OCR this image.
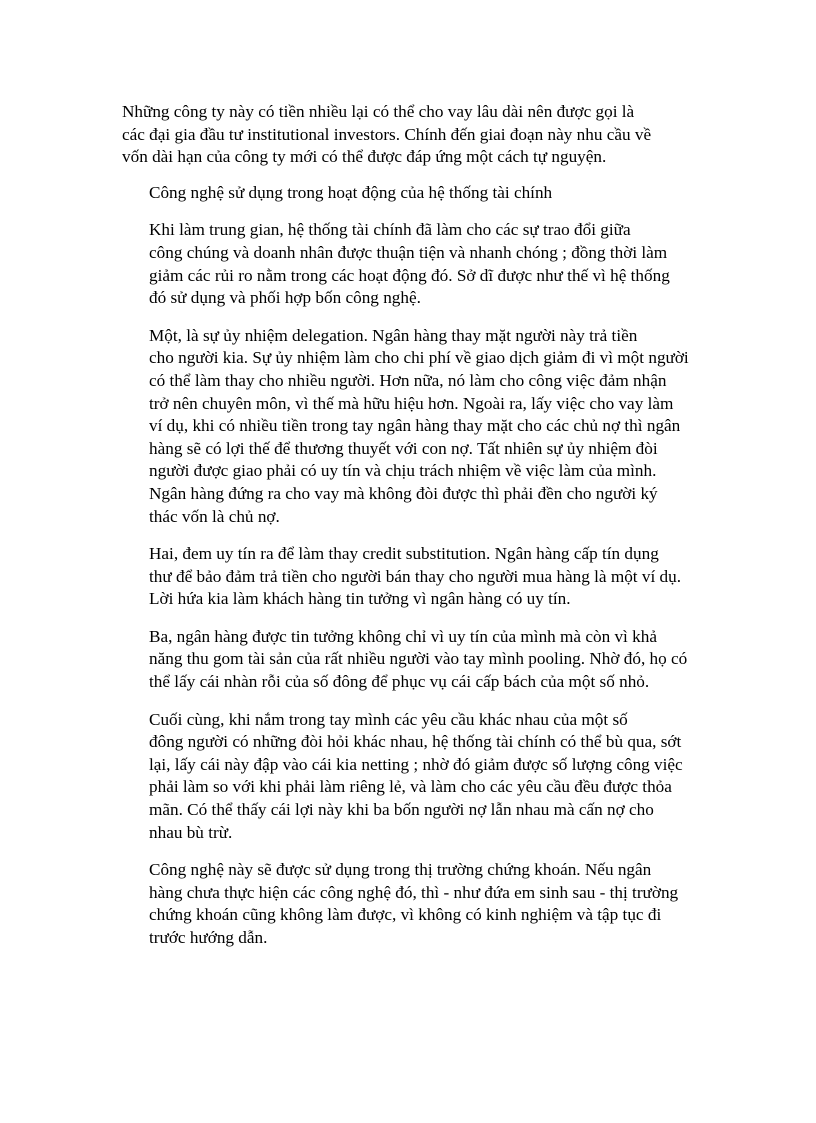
Những công ty này có tiền nhiều lại có thể cho vay lâu dài nên được gọi là
các đại gia đầu tư institutional investors. Chính đến giai đoạn này nhu cầu về
vốn dài hạn của công ty mới có thể được đáp ứng một cách tự nguyện.

Công nghệ sử dụng trong hoạt động của hệ thống tài chính

Khi làm trung gian, hệ thống tài chính đã làm cho các sự trao đổi giữa
công chúng và doanh nhân được thuận tiện và nhanh chóng ; đồng thời làm
giảm các rủi ro nằm trong các hoạt động đó. Sở dĩ được như thế vì hệ thống
đó sử dụng và phối hợp bốn công nghệ.

Một, là sự ủy nhiệm delegation. Ngân hàng thay mặt người này trả tiền
cho người kia. Sự ủy nhiệm làm cho chi phí về giao dịch giảm đi vì một người
có thể làm thay cho nhiều người. Hơn nữa, nó làm cho công việc đảm nhận
trở nên chuyên môn, vì thế mà hữu hiệu hơn. Ngoài ra, lấy việc cho vay làm
ví dụ, khi có nhiều tiền trong tay ngân hàng thay mặt cho các chủ nợ thì ngân
hàng sẽ có lợi thế để thương thuyết với con nợ. Tất nhiên sự ủy nhiệm đòi
người được giao phải có uy tín và chịu trách nhiệm về việc làm của mình.
Ngân hàng đứng ra cho vay mà không đòi được thì phải đền cho người ký
thác vốn là chủ nợ.

Hai, đem uy tín ra để làm thay credit substitution. Ngân hàng cấp tín dụng
thư để bảo đảm trả tiền cho người bán thay cho người mua hàng là một ví dụ.
Lời hứa kia làm khách hàng tin tưởng vì ngân hàng có uy tín.

Ba, ngân hàng được tin tưởng không chỉ vì uy tín của mình mà còn vì khả
năng thu gom tài sản của rất nhiều người vào tay mình pooling. Nhờ đó, họ có
thể lấy cái nhàn rỗi của số đông để phục vụ cái cấp bách của một số nhỏ.

Cuối cùng, khi nắm trong tay mình các yêu cầu khác nhau của một số
đông người có những đòi hỏi khác nhau, hệ thống tài chính có thể bù qua, sớt
lại, lấy cái này đập vào cái kia netting ; nhờ đó giảm được số lượng công việc
phải làm so với khi phải làm riêng lẻ, và làm cho các yêu cầu đều được thỏa
mãn. Có thể thấy cái lợi này khi ba bốn người nợ lẫn nhau mà cấn nợ cho
nhau bù trừ.

Công nghệ này sẽ được sử dụng trong thị trường chứng khoán. Nếu ngân
hàng chưa thực hiện các công nghệ đó, thì - như đứa em sinh sau - thị trường
chứng khoán cũng không làm được, vì không có kinh nghiệm và tập tục đi
trước hướng dẫn.
